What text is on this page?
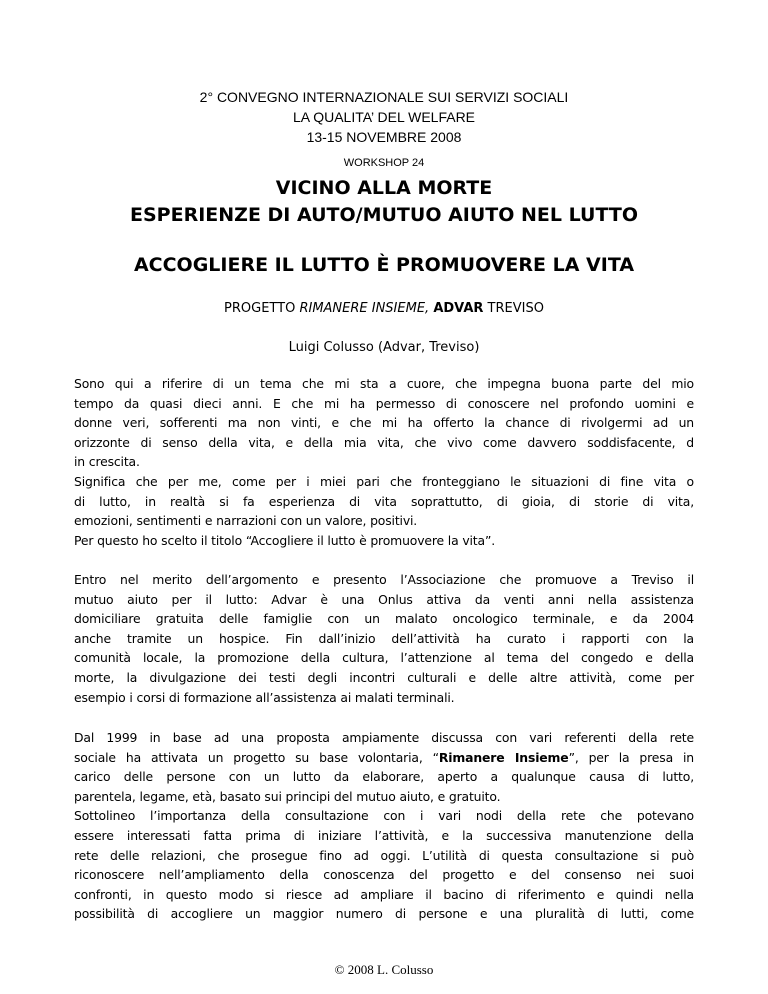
2° CONVEGNO INTERNAZIONALE SUI SERVIZI SOCIALI
LA QUALITA’ DEL WELFARE
13-15 NOVEMBRE 2008
WORKSHOP 24
VICINO ALLA MORTE
ESPERIENZE DI AUTO/MUTUO AIUTO NEL LUTTO
ACCOGLIERE IL LUTTO È PROMUOVERE LA VITA
PROGETTO RIMANERE INSIEME, ADVAR TREVISO
Luigi Colusso (Advar, Treviso)
Sono qui a riferire di un tema che mi sta a cuore, che impegna buona parte del mio
tempo da quasi dieci anni. E che mi ha permesso di conoscere nel profondo uomini e
donne veri, sofferenti ma non vinti, e che mi ha offerto la chance di rivolgermi ad un
orizzonte di senso della vita, e della mia vita, che vivo come davvero soddisfacente, d
in crescita.
Significa che per me, come per i miei pari che fronteggiano le situazioni di fine vita o
di lutto, in realtà si fa esperienza di vita soprattutto, di gioia, di storie di vita,
emozioni, sentimenti e narrazioni con un valore, positivi.
Per questo ho scelto il titolo “Accogliere il lutto è promuovere la vita”.
Entro nel merito dell’argomento e presento l’Associazione che promuove a Treviso il
mutuo aiuto per il lutto: Advar è una Onlus attiva da venti anni nella assistenza
domiciliare gratuita delle famiglie con un malato oncologico terminale, e da 2004
anche tramite un hospice. Fin dall’inizio dell’attività ha curato i rapporti con la
comunità locale, la promozione della cultura, l’attenzione al tema del congedo e della
morte, la divulgazione dei testi degli incontri culturali e delle altre attività, come per
esempio i corsi di formazione all’assistenza ai malati terminali.
Dal 1999 in base ad una proposta ampiamente discussa con vari referenti della rete
sociale ha attivata un progetto su base volontaria, “Rimanere Insieme”, per la presa in
carico delle persone con un lutto da elaborare, aperto a qualunque causa di lutto,
parentela, legame, età, basato sui principi del mutuo aiuto, e gratuito.
Sottolineo l’importanza della consultazione con i vari nodi della rete che potevano
essere interessati fatta prima di iniziare l’attività, e la successiva manutenzione della
rete delle relazioni, che prosegue fino ad oggi. L’utilità di questa consultazione si può
riconoscere nell’ampliamento della conoscenza del progetto e del consenso nei suoi
confronti, in questo modo si riesce ad ampliare il bacino di riferimento e quindi nella
possibilità di accogliere un maggior numero di persone e una pluralità di lutti, come
© 2008 L. Colusso
